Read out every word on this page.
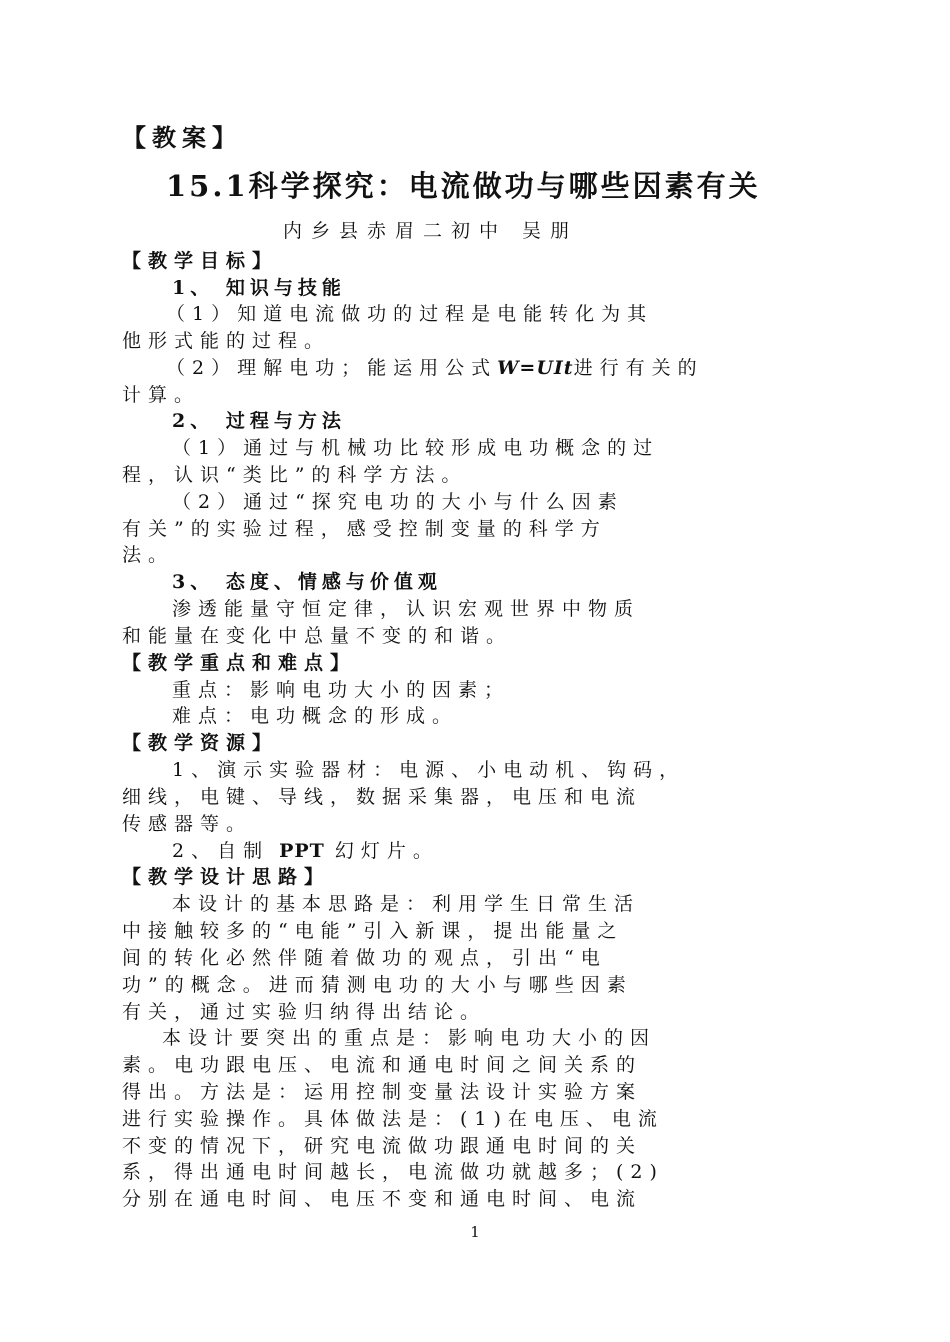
【教案】
15.1科学探究：电流做功与哪些因素有关
内乡县赤眉二初中 吴朋
【教学目标】
1、 知识与技能
（1）知道电流做功的过程是电能转化为其
他形式能的过程。
（2）理解电功；能运用公式W=UIt进行有关的
计算。
2、 过程与方法
（1）通过与机械功比较形成电功概念的过
程，认识“类比”的科学方法。
（2）通过“探究电功的大小与什么因素
有关”的实验过程，感受控制变量的科学方
法。
3、 态度、情感与价值观
渗透能量守恒定律，认识宏观世界中物质
和能量在变化中总量不变的和谐。
【教学重点和难点】
重点：影响电功大小的因素；
难点：电功概念的形成。
【教学资源】
1、演示实验器材：电源、小电动机、钩码，
细线，电键、导线，数据采集器，电压和电流
传感器等。
2、自制 PPT 幻灯片。
【教学设计思路】
本设计的基本思路是：利用学生日常生活
中接触较多的“电能”引入新课，提出能量之
间的转化必然伴随着做功的观点，引出“电
功”的概念。进而猜测电功的大小与哪些因素
有关，通过实验归纳得出结论。
本设计要突出的重点是：影响电功大小的因
素。电功跟电压、电流和通电时间之间关系的
得出。方法是：运用控制变量法设计实验方案
进行实验操作。具体做法是：(1)在电压、电流
不变的情况下，研究电流做功跟通电时间的关
系，得出通电时间越长，电流做功就越多；(2)
分别在通电时间、电压不变和通电时间、电流
1
